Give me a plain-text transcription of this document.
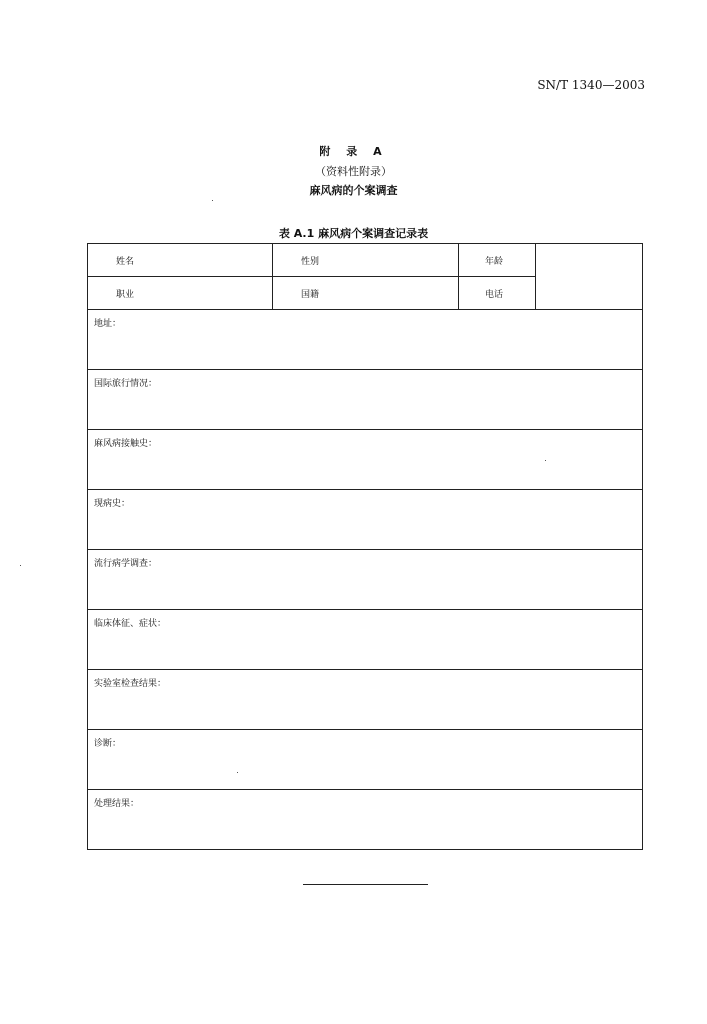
SN/T 1340—2003
附 录 A
（资料性附录）
麻风病的个案调查
表 A.1 麻风病个案调查记录表
姓名	性别	年龄	

职业	国籍	电话	

地址：			

国际旅行情况：			

麻风病接触史：			

现病史：			

流行病学调查：			

临床体征、症状：			

实验室检查结果：			

诊断：			

处理结果：			
